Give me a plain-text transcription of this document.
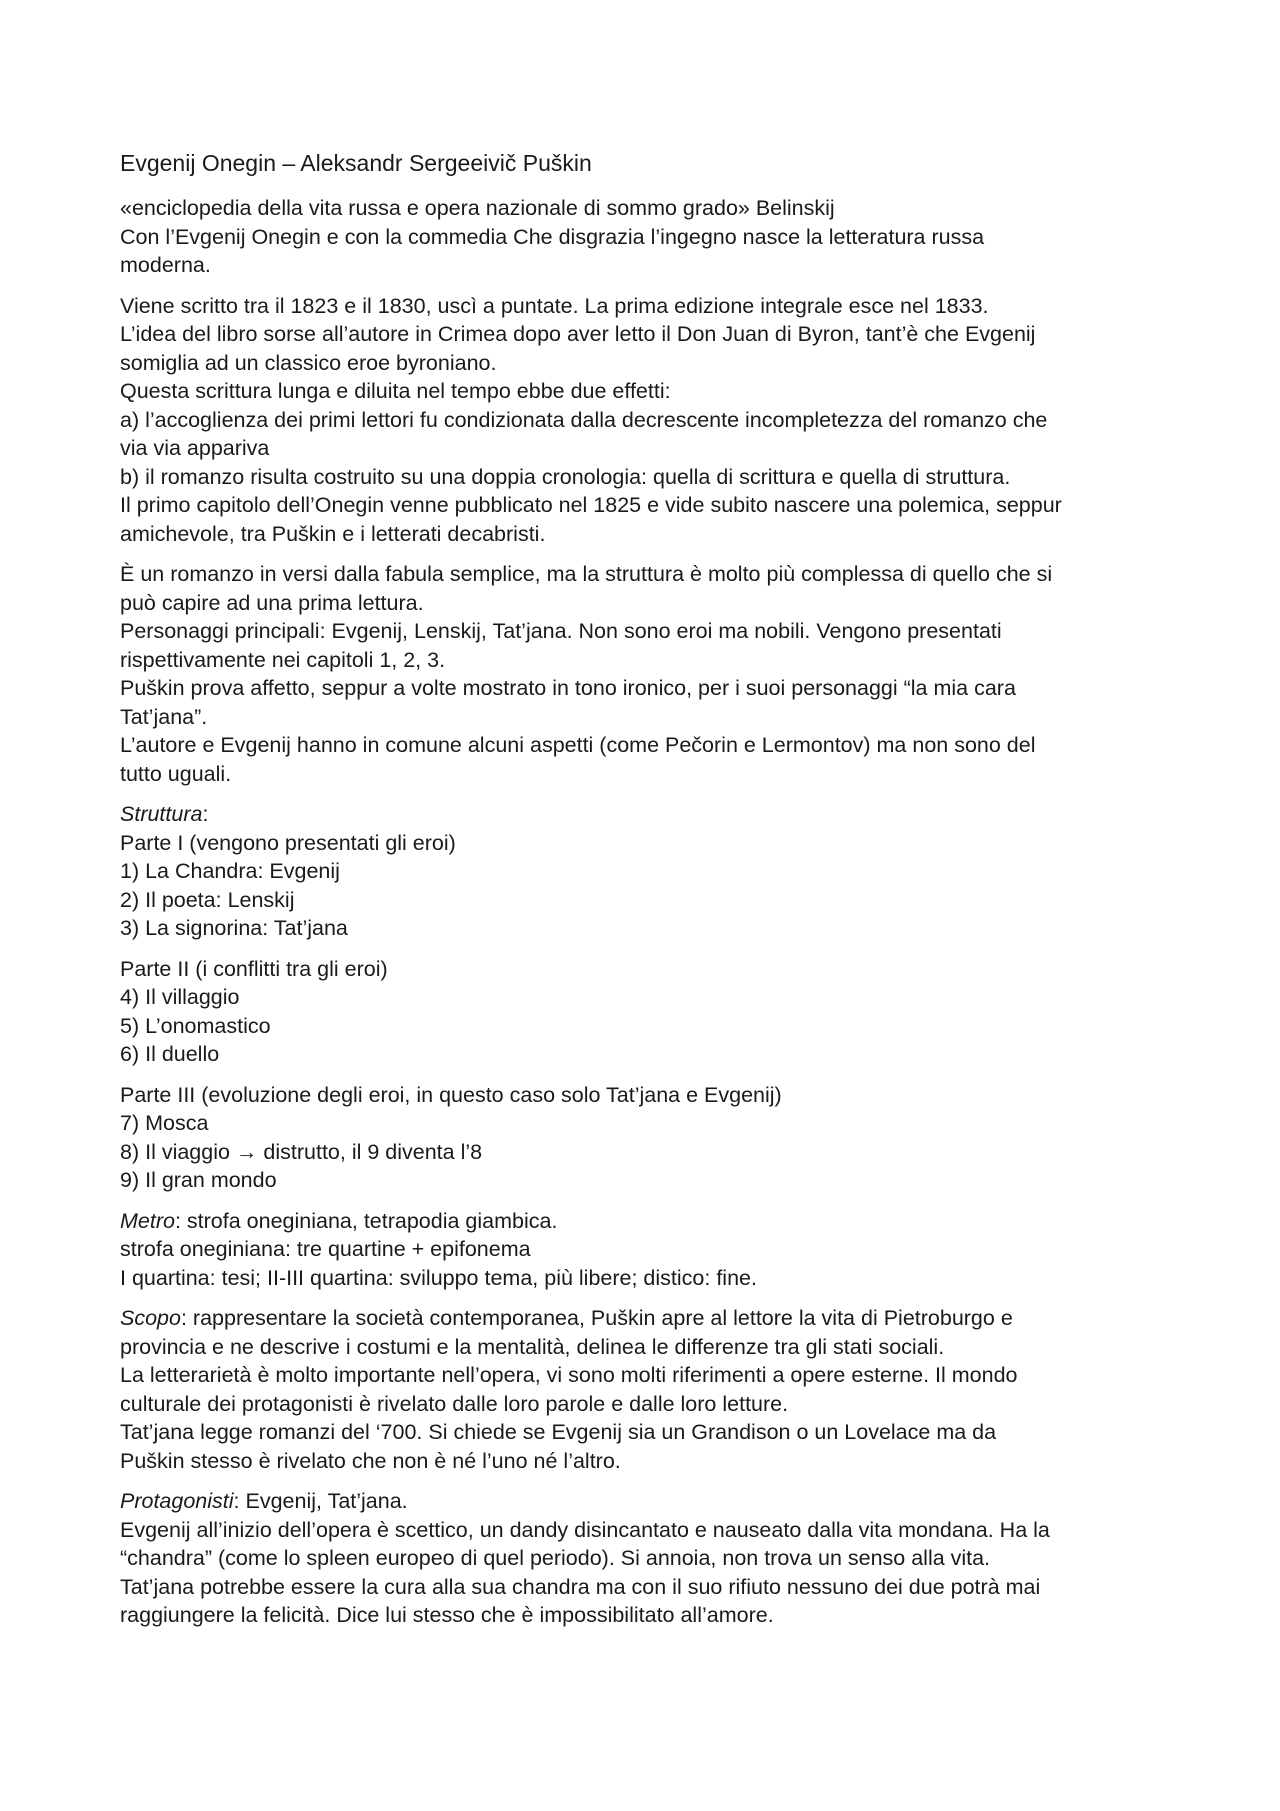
Evgenij Onegin – Aleksandr Sergeeivič Puškin
«enciclopedia della vita russa e opera nazionale di sommo grado» Belinskij
Con l’Evgenij Onegin e con la commedia Che disgrazia l’ingegno nasce la letteratura russa
moderna.
Viene scritto tra il 1823 e il 1830, uscì a puntate. La prima edizione integrale esce nel 1833.
L’idea del libro sorse all’autore in Crimea dopo aver letto il Don Juan di Byron, tant’è che Evgenij
somiglia ad un classico eroe byroniano.
Questa scrittura lunga e diluita nel tempo ebbe due effetti:
a) l’accoglienza dei primi lettori fu condizionata dalla decrescente incompletezza del romanzo che
via via appariva
b) il romanzo risulta costruito su una doppia cronologia: quella di scrittura e quella di struttura.
Il primo capitolo dell’Onegin venne pubblicato nel 1825 e vide subito nascere una polemica, seppur
amichevole, tra Puškin e i letterati decabristi.
È un romanzo in versi dalla fabula semplice, ma la struttura è molto più complessa di quello che si
può capire ad una prima lettura.
Personaggi principali: Evgenij, Lenskij, Tat’jana. Non sono eroi ma nobili. Vengono presentati
rispettivamente nei capitoli 1, 2, 3.
Puškin prova affetto, seppur a volte mostrato in tono ironico, per i suoi personaggi “la mia cara
Tat’jana”.
L’autore e Evgenij hanno in comune alcuni aspetti (come Pečorin e Lermontov) ma non sono del
tutto uguali.
Struttura:
Parte I (vengono presentati gli eroi)
1) La Chandra: Evgenij
2) Il poeta: Lenskij
3) La signorina: Tat’jana
Parte II (i conflitti tra gli eroi)
4) Il villaggio
5) L’onomastico
6) Il duello
Parte III (evoluzione degli eroi, in questo caso solo Tat’jana e Evgenij)
7) Mosca
8) Il viaggio → distrutto, il 9 diventa l’8
9) Il gran mondo
Metro: strofa oneginiana, tetrapodia giambica.
strofa oneginiana: tre quartine + epifonema
I quartina: tesi; II-III quartina: sviluppo tema, più libere; distico: fine.
Scopo: rappresentare la società contemporanea, Puškin apre al lettore la vita di Pietroburgo e
provincia e ne descrive i costumi e la mentalità, delinea le differenze tra gli stati sociali.
La letterarietà è molto importante nell’opera, vi sono molti riferimenti a opere esterne. Il mondo
culturale dei protagonisti è rivelato dalle loro parole e dalle loro letture.
Tat’jana legge romanzi del ‘700. Si chiede se Evgenij sia un Grandison o un Lovelace ma da
Puškin stesso è rivelato che non è né l’uno né l’altro.
Protagonisti: Evgenij, Tat’jana.
Evgenij all’inizio dell’opera è scettico, un dandy disincantato e nauseato dalla vita mondana. Ha la
“chandra” (come lo spleen europeo di quel periodo). Si annoia, non trova un senso alla vita.
Tat’jana potrebbe essere la cura alla sua chandra ma con il suo rifiuto nessuno dei due potrà mai
raggiungere la felicità. Dice lui stesso che è impossibilitato all’amore.
